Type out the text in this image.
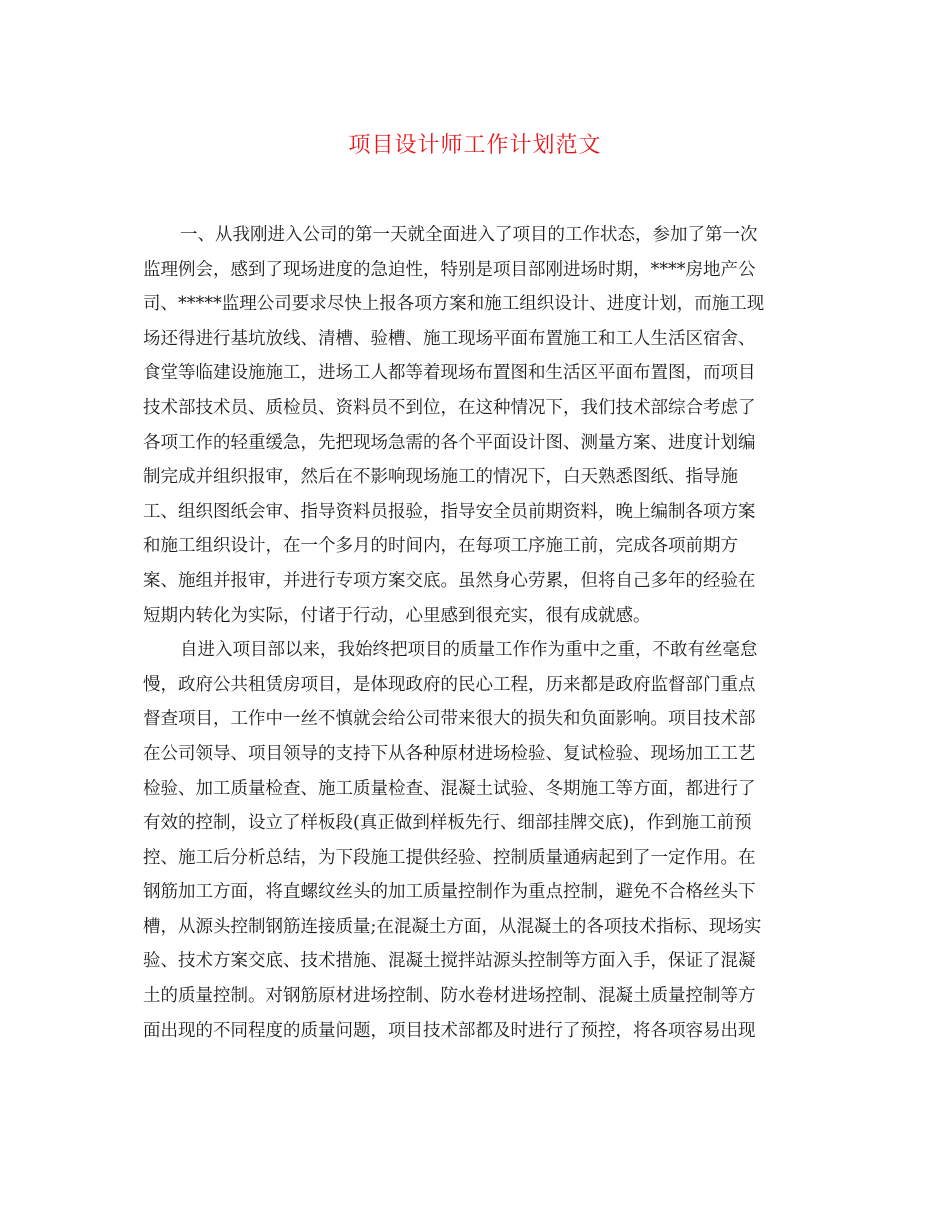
项目设计师工作计划范文
一、从我刚进入公司的第一天就全面进入了项目的工作状态，参加了第一次
监理例会，感到了现场进度的急迫性，特别是项目部刚进场时期，****房地产公
司、*****监理公司要求尽快上报各项方案和施工组织设计、进度计划，而施工现
场还得进行基坑放线、清槽、验槽、施工现场平面布置施工和工人生活区宿舍、
食堂等临建设施施工，进场工人都等着现场布置图和生活区平面布置图，而项目
技术部技术员、质检员、资料员不到位，在这种情况下，我们技术部综合考虑了
各项工作的轻重缓急，先把现场急需的各个平面设计图、测量方案、进度计划编
制完成并组织报审，然后在不影响现场施工的情况下，白天熟悉图纸、指导施
工、组织图纸会审、指导资料员报验，指导安全员前期资料，晚上编制各项方案
和施工组织设计，在一个多月的时间内，在每项工序施工前，完成各项前期方
案、施组并报审，并进行专项方案交底。虽然身心劳累，但将自己多年的经验在
短期内转化为实际，付诸于行动，心里感到很充实，很有成就感。
自进入项目部以来，我始终把项目的质量工作作为重中之重，不敢有丝毫怠
慢，政府公共租赁房项目，是体现政府的民心工程，历来都是政府监督部门重点
督查项目，工作中一丝不慎就会给公司带来很大的损失和负面影响。项目技术部
在公司领导、项目领导的支持下从各种原材进场检验、复试检验、现场加工工艺
检验、加工质量检查、施工质量检查、混凝土试验、冬期施工等方面，都进行了
有效的控制，设立了样板段(真正做到样板先行、细部挂牌交底)，作到施工前预
控、施工后分析总结，为下段施工提供经验、控制质量通病起到了一定作用。在
钢筋加工方面，将直螺纹丝头的加工质量控制作为重点控制，避免不合格丝头下
槽，从源头控制钢筋连接质量;在混凝土方面，从混凝土的各项技术指标、现场实
验、技术方案交底、技术措施、混凝土搅拌站源头控制等方面入手，保证了混凝
土的质量控制。对钢筋原材进场控制、防水卷材进场控制、混凝土质量控制等方
面出现的不同程度的质量问题，项目技术部都及时进行了预控，将各项容易出现
